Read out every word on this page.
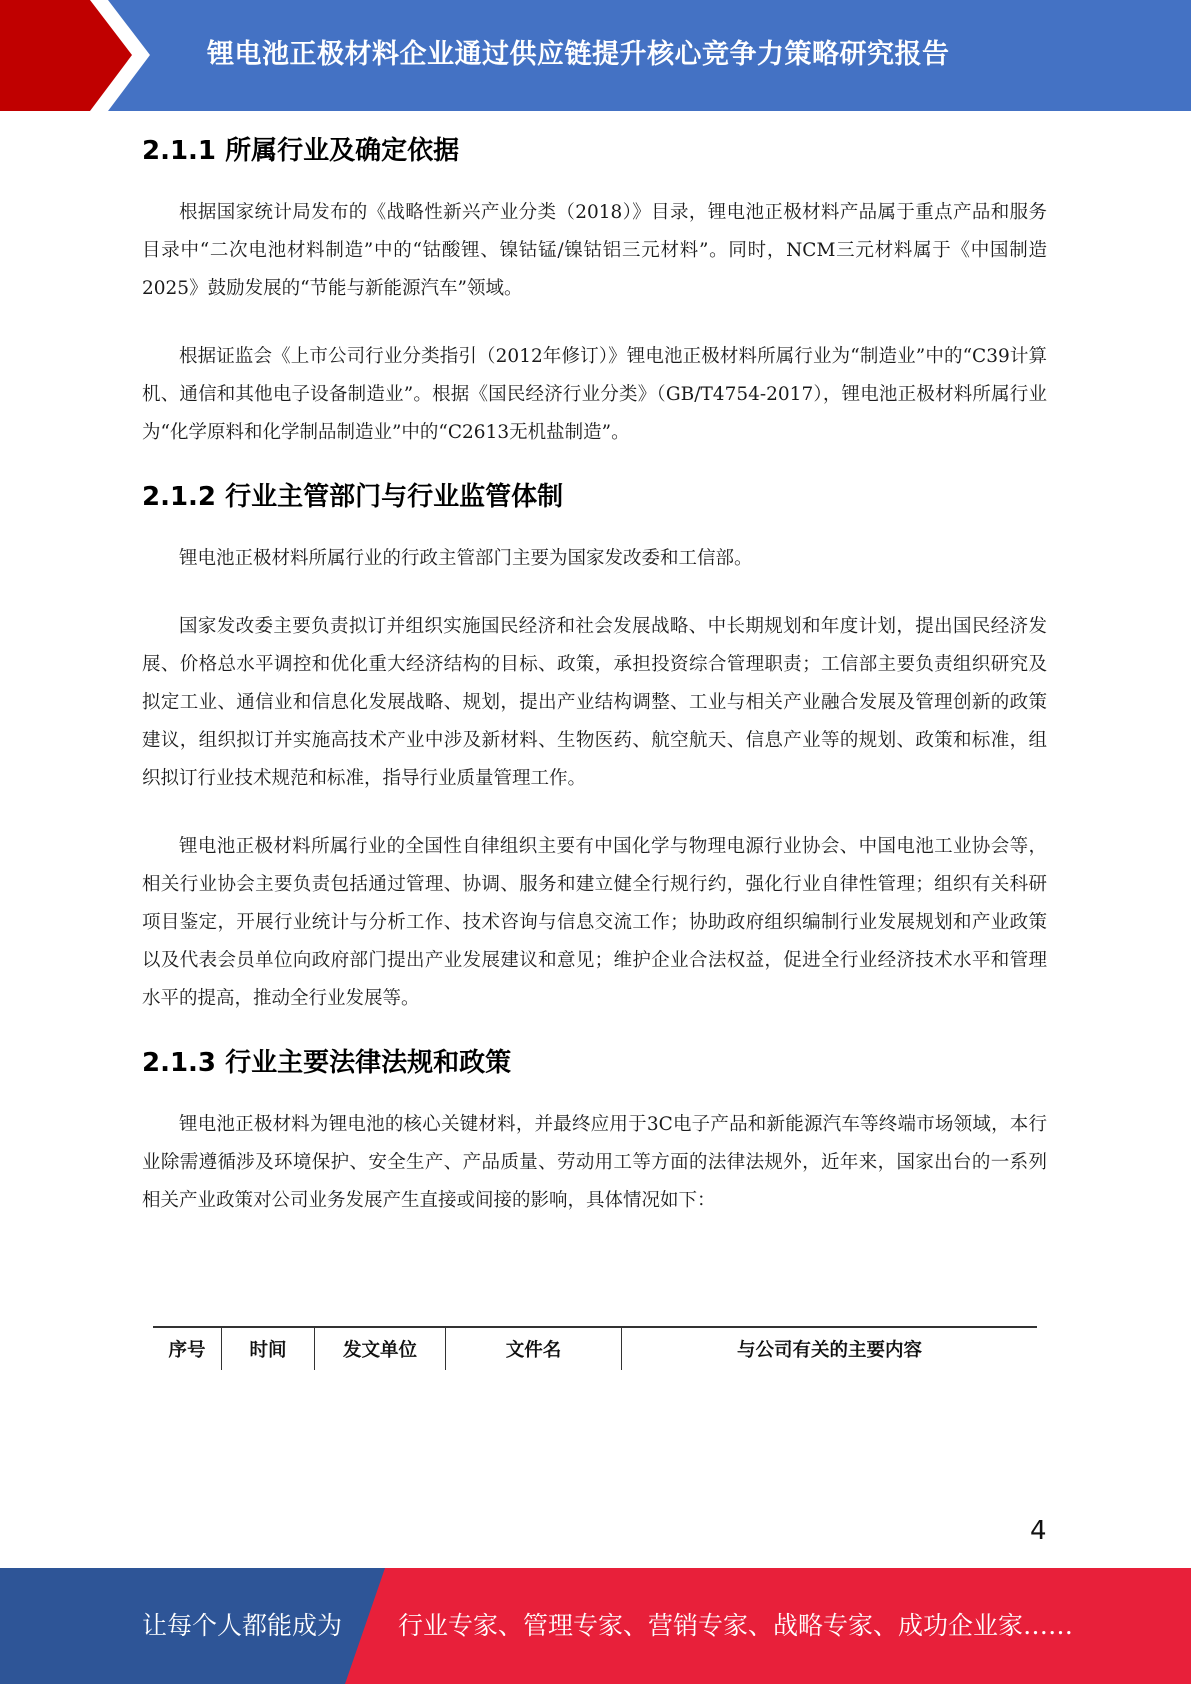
锂电池正极材料企业通过供应链提升核心竞争力策略研究报告
2.1.1 所属行业及确定依据

根据国家统计局发布的《战略性新兴产业分类（2018）》目录，锂电池正极材料产品属于重点产品和服务目录中“二次电池材料制造”中的“钴酸锂、镍钴锰/镍钴铝三元材料”。同时，NCM三元材料属于《中国制造2025》鼓励发展的“节能与新能源汽车”领域。

根据证监会《上市公司行业分类指引（2012年修订）》锂电池正极材料所属行业为“制造业”中的“C39计算机、通信和其他电子设备制造业”。根据《国民经济行业分类》（GB/T4754-2017），锂电池正极材料所属行业为“化学原料和化学制品制造业”中的“C2613无机盐制造”。

2.1.2 行业主管部门与行业监管体制

锂电池正极材料所属行业的行政主管部门主要为国家发改委和工信部。

国家发改委主要负责拟订并组织实施国民经济和社会发展战略、中长期规划和年度计划，提出国民经济发展、价格总水平调控和优化重大经济结构的目标、政策，承担投资综合管理职责；工信部主要负责组织研究及拟定工业、通信业和信息化发展战略、规划，提出产业结构调整、工业与相关产业融合发展及管理创新的政策建议，组织拟订并实施高技术产业中涉及新材料、生物医药、航空航天、信息产业等的规划、政策和标准，组织拟订行业技术规范和标准，指导行业质量管理工作。

锂电池正极材料所属行业的全国性自律组织主要有中国化学与物理电源行业协会、中国电池工业协会等，相关行业协会主要负责包括通过管理、协调、服务和建立健全行规行约，强化行业自律性管理；组织有关科研项目鉴定，开展行业统计与分析工作、技术咨询与信息交流工作；协助政府组织编制行业发展规划和产业政策以及代表会员单位向政府部门提出产业发展建议和意见；维护企业合法权益，促进全行业经济技术水平和管理水平的提高，推动全行业发展等。

2.1.3 行业主要法律法规和政策

锂电池正极材料为锂电池的核心关键材料，并最终应用于3C电子产品和新能源汽车等终端市场领域，本行业除需遵循涉及环境保护、安全生产、产品质量、劳动用工等方面的法律法规外，近年来，国家出台的一系列相关产业政策对公司业务发展产生直接或间接的影响，具体情况如下：

序号	时间	发文单位	文件名	与公司有关的主要内容
4
让每个人都能成为 行业专家、管理专家、营销专家、战略专家、成功企业家……
